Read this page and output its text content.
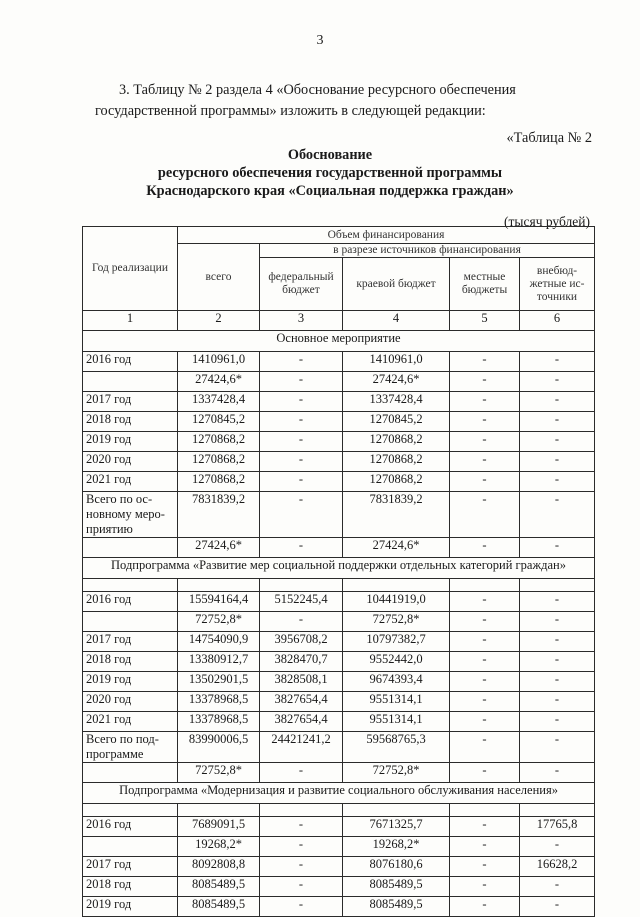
3
3. Таблицу № 2 раздела 4 «Обоснование ресурсного обеспечения государственной программы» изложить в следующей редакции:
«Таблица № 2
Обоснование
ресурсного обеспечения государственной программы
Краснодарского края «Социальная поддержка граждан»
(тысяч рублей)
Год реализации	Объем финансирования				
	всего	в разрезе источников финансирования			
		федеральный бюджет	краевой бюджет	местные бюджеты	внебюд-жетные ис-точники
1	2	3	4	5	6
Основное мероприятие					
2016 год	1410961,0	-	1410961,0	-	-
	27424,6*	-	27424,6*	-	-
2017 год	1337428,4	-	1337428,4	-	-
2018 год	1270845,2	-	1270845,2	-	-
2019 год	1270868,2	-	1270868,2	-	-
2020 год	1270868,2	-	1270868,2	-	-
2021 год	1270868,2	-	1270868,2	-	-
Всего по ос-новному меро-приятию	7831839,2	-	7831839,2	-	-
	27424,6*	-	27424,6*	-	-
Подпрограмма «Развитие мер социальной поддержки отдельных категорий граждан»					

2016 год	15594164,4	5152245,4	10441919,0	-	-
	72752,8*	-	72752,8*	-	-
2017 год	14754090,9	3956708,2	10797382,7	-	-
2018 год	13380912,7	3828470,7	9552442,0	-	-
2019 год	13502901,5	3828508,1	9674393,4	-	-
2020 год	13378968,5	3827654,4	9551314,1	-	-
2021 год	13378968,5	3827654,4	9551314,1	-	-
Всего по под-программе	83990006,5	24421241,2	59568765,3	-	-
	72752,8*	-	72752,8*	-	-
Подпрограмма «Модернизация и развитие социального обслуживания населения»					

2016 год	7689091,5	-	7671325,7	-	17765,8
	19268,2*	-	19268,2*	-	-
2017 год	8092808,8	-	8076180,6	-	16628,2
2018 год	8085489,5	-	8085489,5	-	-
2019 год	8085489,5	-	8085489,5	-	-
